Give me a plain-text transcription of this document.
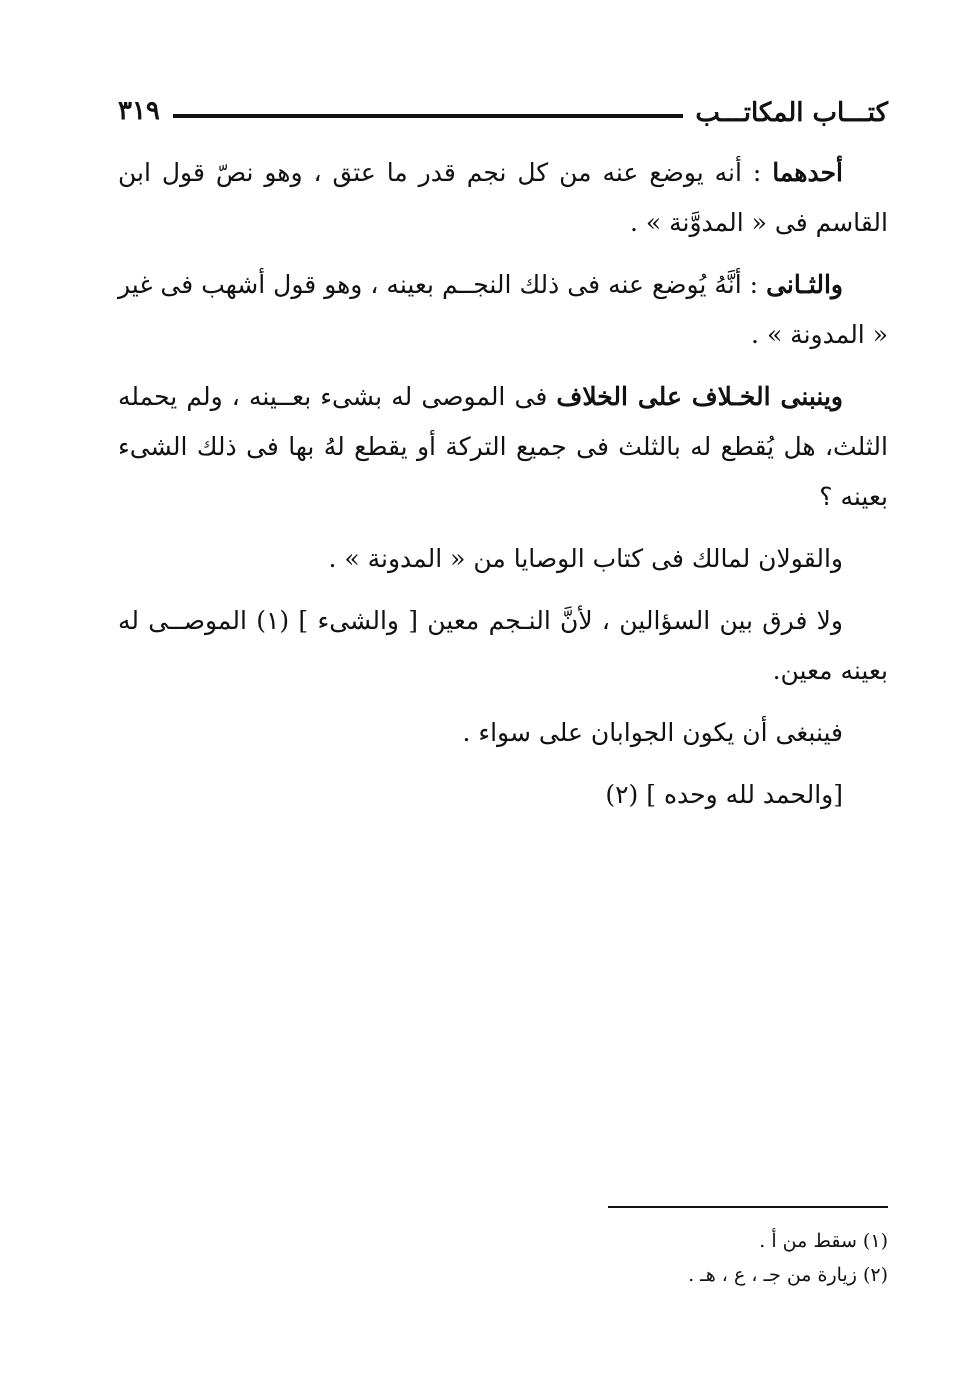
كتـــاب المكاتـــب
٣١٩

أحدهما : أنه يوضع عنه من كل نجم قدر ما عتق ، وهو نصّ قول ابن القاسم فى « المدوَّنة » .

والثـانى : أنَّهُ يُوضع عنه فى ذلك النجــم بعينه ، وهو قول أشهب فى غير « المدونة » .

وينبنى الخـلاف على الخلاف فى الموصى له بشىء بعــينه ، ولم يحمله الثلث، هل يُقطع له بالثلث فى جميع التركة أو يقطع لهُ بها فى ذلك الشىء بعينه ؟

والقولان لمالك فى كتاب الوصايا من « المدونة » .

ولا فرق بين السؤالين ، لأنَّ النـجم معين [ والشىء ] (١) الموصــى له بعينه معين.

فينبغى أن يكون الجوابان على سواء .

[والحمد لله وحده ] (٢)

(١) سقط من أ .

(٢) زيارة من جـ ، ع ، هـ .
